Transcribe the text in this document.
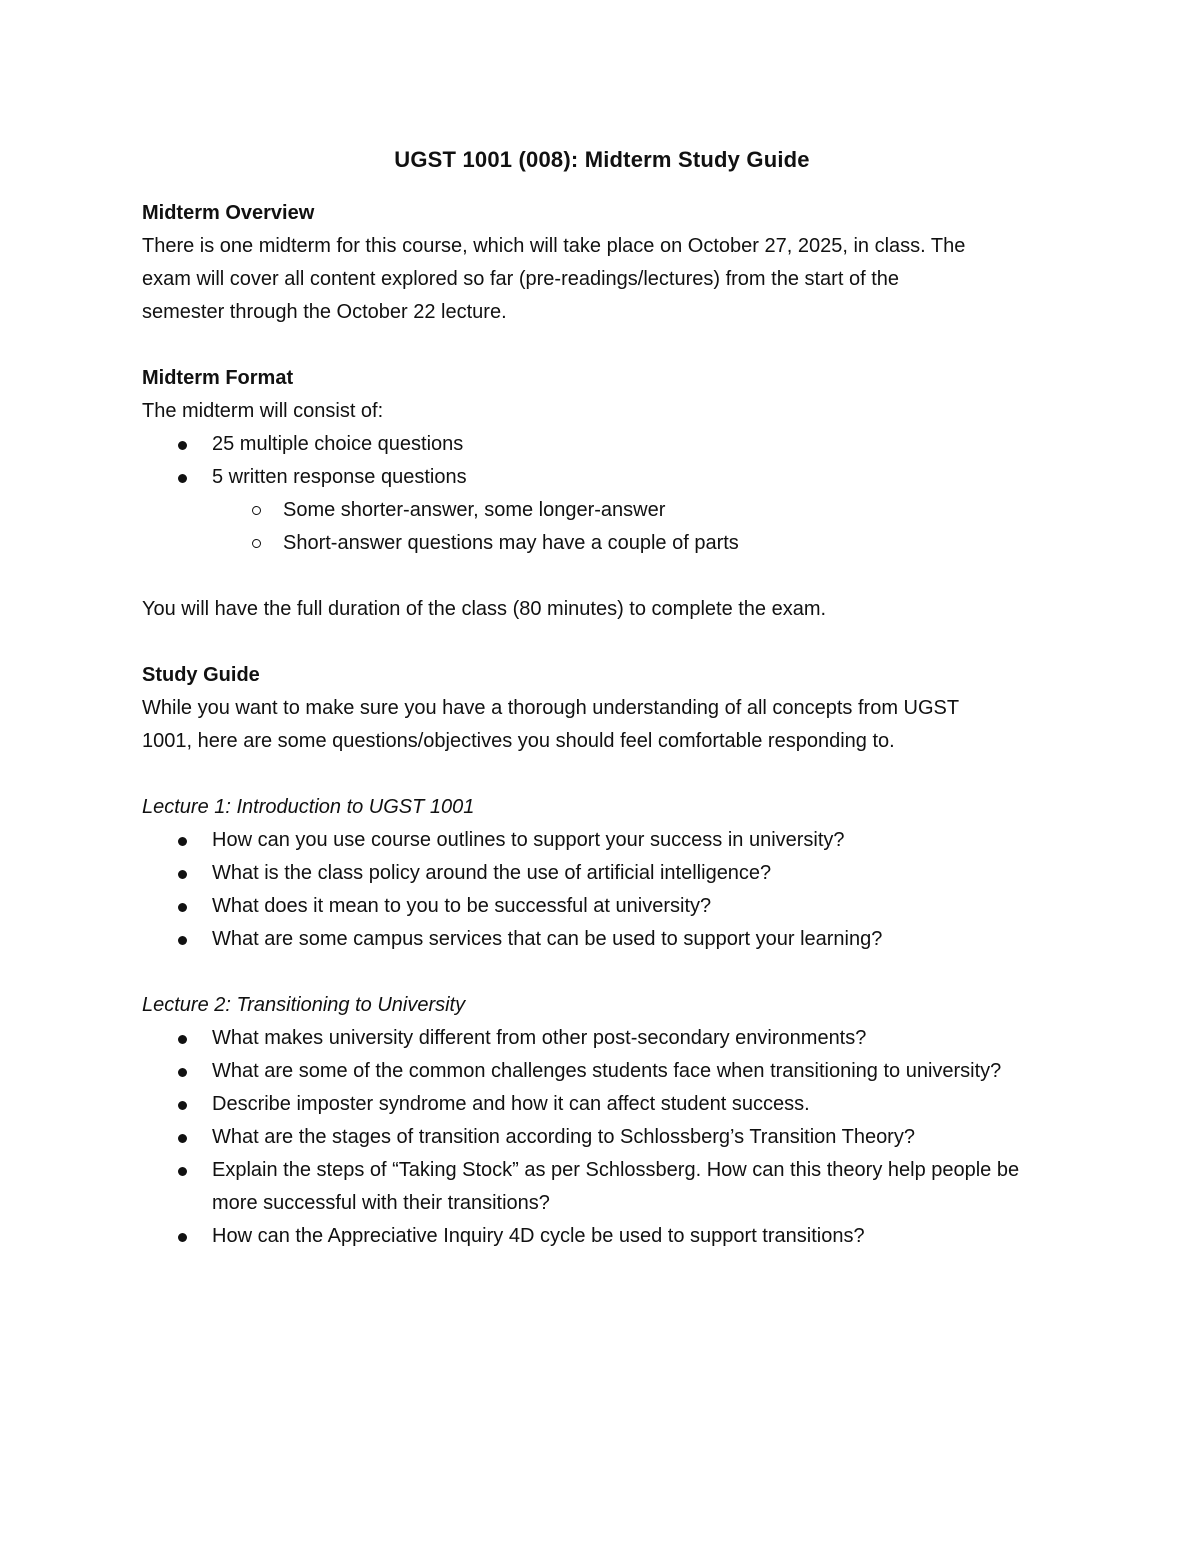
UGST 1001 (008): Midterm Study Guide
Midterm Overview
There is one midterm for this course, which will take place on October 27, 2025, in class. The
exam will cover all content explored so far (pre-readings/lectures) from the start of the
semester through the October 22 lecture.
Midterm Format
The midterm will consist of:
25 multiple choice questions
5 written response questions
Some shorter-answer, some longer-answer
Short-answer questions may have a couple of parts
You will have the full duration of the class (80 minutes) to complete the exam.
Study Guide
While you want to make sure you have a thorough understanding of all concepts from UGST
1001, here are some questions/objectives you should feel comfortable responding to.
Lecture 1: Introduction to UGST 1001
How can you use course outlines to support your success in university?
What is the class policy around the use of artificial intelligence?
What does it mean to you to be successful at university?
What are some campus services that can be used to support your learning?
Lecture 2: Transitioning to University
What makes university different from other post-secondary environments?
What are some of the common challenges students face when transitioning to university?
Describe imposter syndrome and how it can affect student success.
What are the stages of transition according to Schlossberg’s Transition Theory?
Explain the steps of “Taking Stock” as per Schlossberg. How can this theory help people be more successful with their transitions?
How can the Appreciative Inquiry 4D cycle be used to support transitions?
